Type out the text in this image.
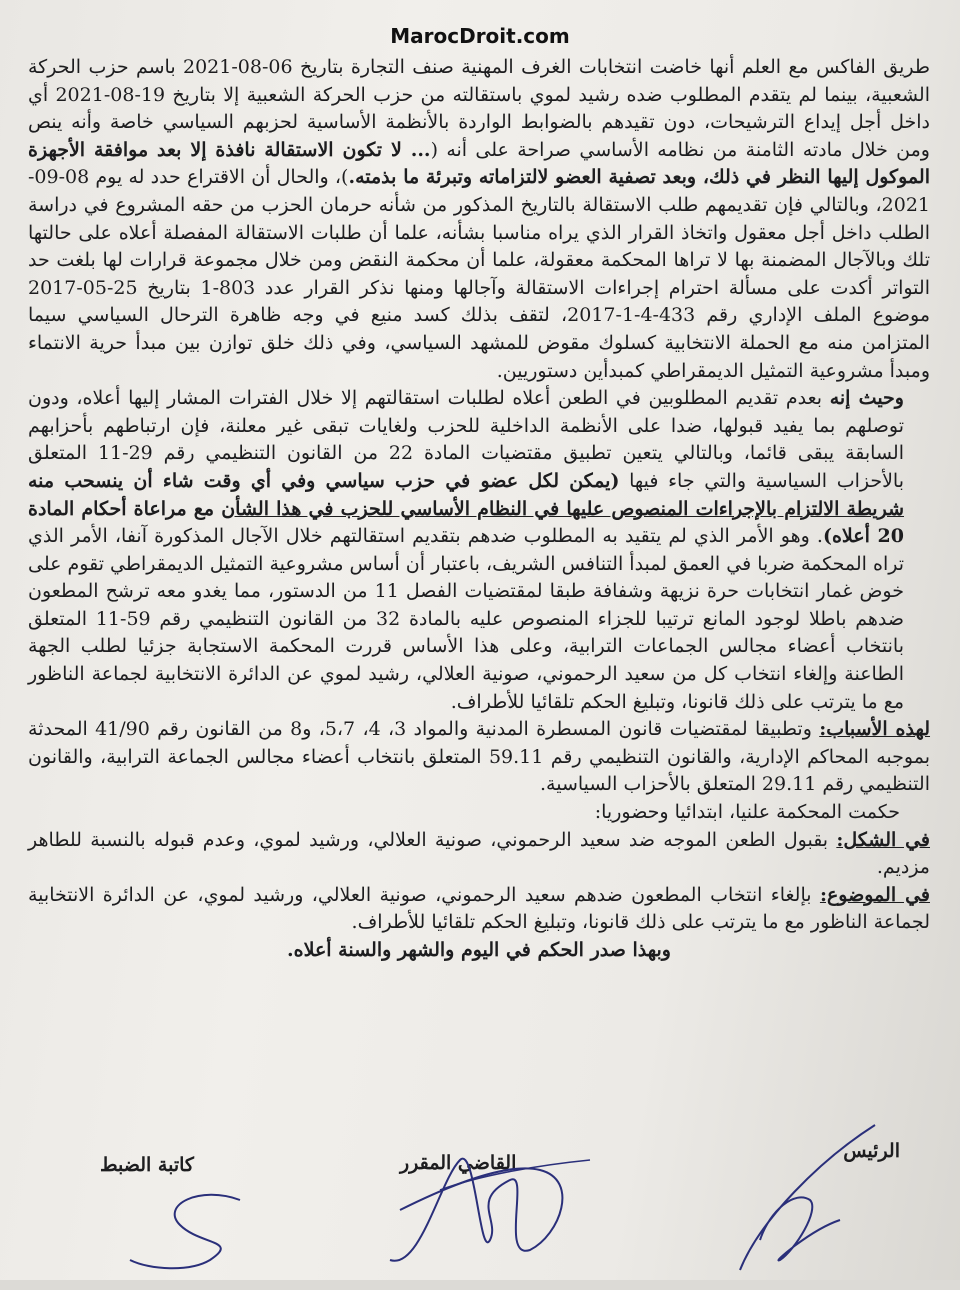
MarocDroit.com

طريق الفاكس مع العلم أنها خاضت انتخابات الغرف المهنية صنف التجارة بتاريخ 06-08-2021 باسم حزب الحركة الشعبية، بينما لم يتقدم المطلوب ضده رشيد لموي باستقالته من حزب الحركة الشعبية إلا بتاريخ 19-08-2021 أي داخل أجل إيداع الترشيحات، دون تقيدهم بالضوابط الواردة بالأنظمة الأساسية لحزبهم السياسي خاصة وأنه ينص ومن خلال مادته الثامنة من نظامه الأساسي صراحة على أنه (... لا تكون الاستقالة نافذة إلا بعد موافقة الأجهزة الموكول إليها النظر في ذلك، وبعد تصفية العضو لالتزاماته وتبرئة ما بذمته.)، والحال أن الاقتراع حدد له يوم 08-09-2021، وبالتالي فإن تقديمهم طلب الاستقالة بالتاريخ المذكور من شأنه حرمان الحزب من حقه المشروع في دراسة الطلب داخل أجل معقول واتخاذ القرار الذي يراه مناسبا بشأنه، علما أن طلبات الاستقالة المفصلة أعلاه على حالتها تلك وبالآجال المضمنة بها لا تراها المحكمة معقولة، علما أن محكمة النقض ومن خلال مجموعة قرارات لها بلغت حد التواتر أكدت على مسألة احترام إجراءات الاستقالة وآجالها ومنها نذكر القرار عدد 803-1 بتاريخ 25-05-2017 موضوع الملف الإداري رقم 433-4-1-2017، لتقف بذلك كسد منيع في وجه ظاهرة الترحال السياسي سيما المتزامن منه مع الحملة الانتخابية كسلوك مقوض للمشهد السياسي، وفي ذلك خلق توازن بين مبدأ حرية الانتماء ومبدأ مشروعية التمثيل الديمقراطي كمبدأين دستوريين.

وحيث إنه بعدم تقديم المطلوبين في الطعن أعلاه لطلبات استقالتهم إلا خلال الفترات المشار إليها أعلاه، ودون توصلهم بما يفيد قبولها، ضدا على الأنظمة الداخلية للحزب ولغايات تبقى غير معلنة، فإن ارتباطهم بأحزابهم السابقة يبقى قائما، وبالتالي يتعين تطبيق مقتضيات المادة 22 من القانون التنظيمي رقم 29-11 المتعلق بالأحزاب السياسية والتي جاء فيها (يمكن لكل عضو في حزب سياسي وفي أي وقت شاء أن ينسحب منه شريطة الالتزام بالإجراءات المنصوص عليها في النظام الأساسي للحزب في هذا الشأن مع مراعاة أحكام المادة 20 أعلاه). وهو الأمر الذي لم يتقيد به المطلوب ضدهم بتقديم استقالتهم خلال الآجال المذكورة آنفا، الأمر الذي تراه المحكمة ضربا في العمق لمبدأ التنافس الشريف، باعتبار أن أساس مشروعية التمثيل الديمقراطي تقوم على خوض غمار انتخابات حرة نزيهة وشفافة طبقا لمقتضيات الفصل 11 من الدستور، مما يغدو معه ترشح المطعون ضدهم باطلا لوجود المانع ترتيبا للجزاء المنصوص عليه بالمادة 32 من القانون التنظيمي رقم 59-11 المتعلق بانتخاب أعضاء مجالس الجماعات الترابية، وعلى هذا الأساس قررت المحكمة الاستجابة جزئيا لطلب الجهة الطاعنة وإلغاء انتخاب كل من سعيد الرحموني، صونية العلالي، رشيد لموي عن الدائرة الانتخابية لجماعة الناظور مع ما يترتب على ذلك قانونا، وتبليغ الحكم تلقائيا للأطراف.

لهذه الأسباب: وتطبيقا لمقتضيات قانون المسطرة المدنية والمواد 3، 4، 5،7، و8 من القانون رقم 41/90 المحدثة بموجبه المحاكم الإدارية، والقانون التنظيمي رقم 59.11 المتعلق بانتخاب أعضاء مجالس الجماعة الترابية، والقانون التنظيمي رقم 29.11 المتعلق بالأحزاب السياسية.

حكمت المحكمة علنيا، ابتدائيا وحضوريا:

في الشكل: بقبول الطعن الموجه ضد سعيد الرحموني، صونية العلالي، ورشيد لموي، وعدم قبوله بالنسبة للطاهر مزديم.

في الموضوع: بإلغاء انتخاب المطعون ضدهم سعيد الرحموني، صونية العلالي، ورشيد لموي، عن الدائرة الانتخابية لجماعة الناظور مع ما يترتب على ذلك قانونا، وتبليغ الحكم تلقائيا للأطراف.

وبهذا صدر الحكم في اليوم والشهر والسنة أعلاه.

الرئيس
القاضي المقرر
كاتبة الضبط
